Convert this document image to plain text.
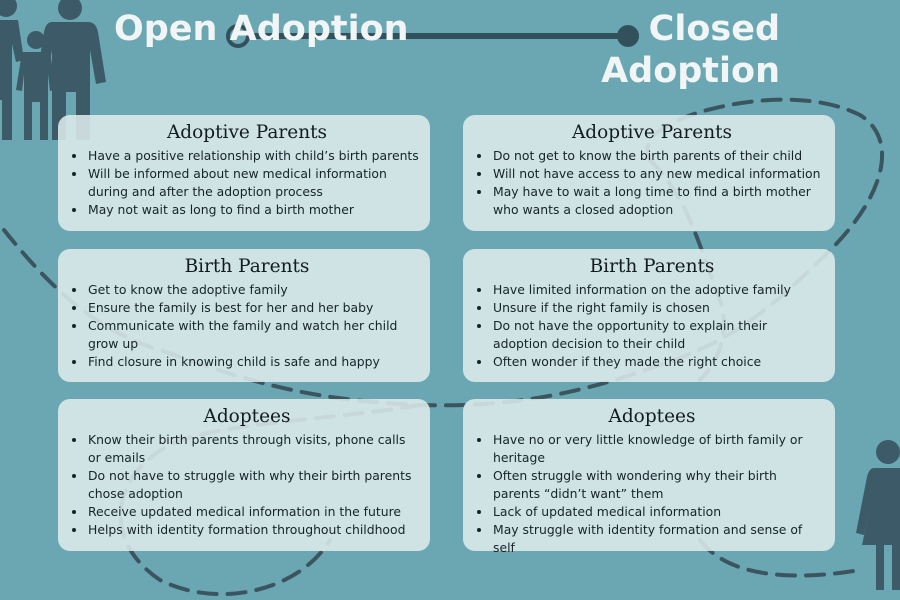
Open Adoption	Closed Adoption
Adoptive Parents
• Have a positive relationship with child’s birth parents
• Will be informed about new medical information during and after the adoption process
• May not wait as long to find a birth mother
Adoptive Parents
• Do not get to know the birth parents of their child
• Will not have access to any new medical information
• May have to wait a long time to find a birth mother who wants a closed adoption
Birth Parents
• Get to know the adoptive family
• Ensure the family is best for her and her baby
• Communicate with the family and watch her child grow up
• Find closure in knowing child is safe and happy
Birth Parents
• Have limited information on the adoptive family
• Unsure if the right family is chosen
• Do not have the opportunity to explain their adoption decision to their child
• Often wonder if they made the right choice
Adoptees
• Know their birth parents through visits, phone calls or emails
• Do not have to struggle with why their birth parents chose adoption
• Receive updated medical information in the future
• Helps with identity formation throughout childhood
Adoptees
• Have no or very little knowledge of birth family or heritage
• Often struggle with wondering why their birth parents “didn’t want” them
• Lack of updated medical information
• May struggle with identity formation and sense of self
